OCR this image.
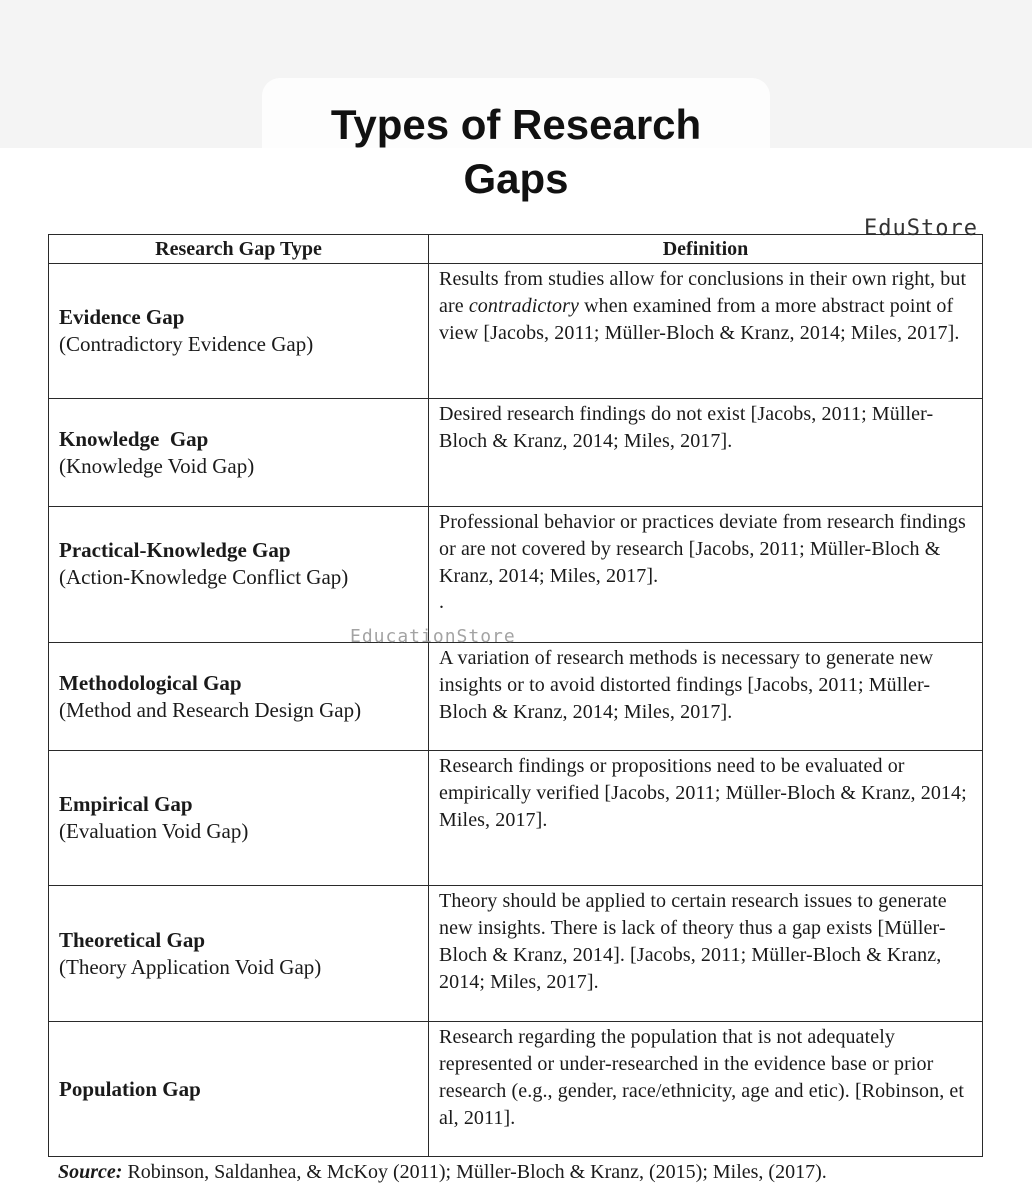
Types of Research
Gaps
EduStore
Research Gap Type	Definition

Evidence Gap
(Contradictory Evidence Gap)	Results from studies allow for conclusions in their own right, but are contradictory when examined from a more abstract point of view [Jacobs, 2011; Müller-Bloch & Kranz, 2014; Miles, 2017].

Knowledge  Gap
(Knowledge Void Gap)	Desired research findings do not exist [Jacobs, 2011; Müller-Bloch & Kranz, 2014; Miles, 2017].

Practical-Knowledge Gap
(Action-Knowledge Conflict Gap)	Professional behavior or practices deviate from research findings or are not covered by research [Jacobs, 2011; Müller-Bloch & Kranz, 2014; Miles, 2017].
.

Methodological Gap
(Method and Research Design Gap)	A variation of research methods is necessary to generate new insights or to avoid distorted findings [Jacobs, 2011; Müller-Bloch & Kranz, 2014; Miles, 2017].

Empirical Gap
(Evaluation Void Gap)	Research findings or propositions need to be evaluated or empirically verified [Jacobs, 2011; Müller-Bloch & Kranz, 2014; Miles, 2017].

Theoretical Gap
(Theory Application Void Gap)	Theory should be applied to certain research issues to generate new insights. There is lack of theory thus a gap exists [Müller-Bloch & Kranz, 2014]. [Jacobs, 2011; Müller-Bloch & Kranz, 2014; Miles, 2017].

Population Gap	Research regarding the population that is not adequately represented or under-researched in the evidence base or prior research (e.g., gender, race/ethnicity, age and etic). [Robinson, et al, 2011].
EducationStore
Source: Robinson, Saldanhea, & McKoy (2011); Müller-Bloch & Kranz, (2015); Miles, (2017).
